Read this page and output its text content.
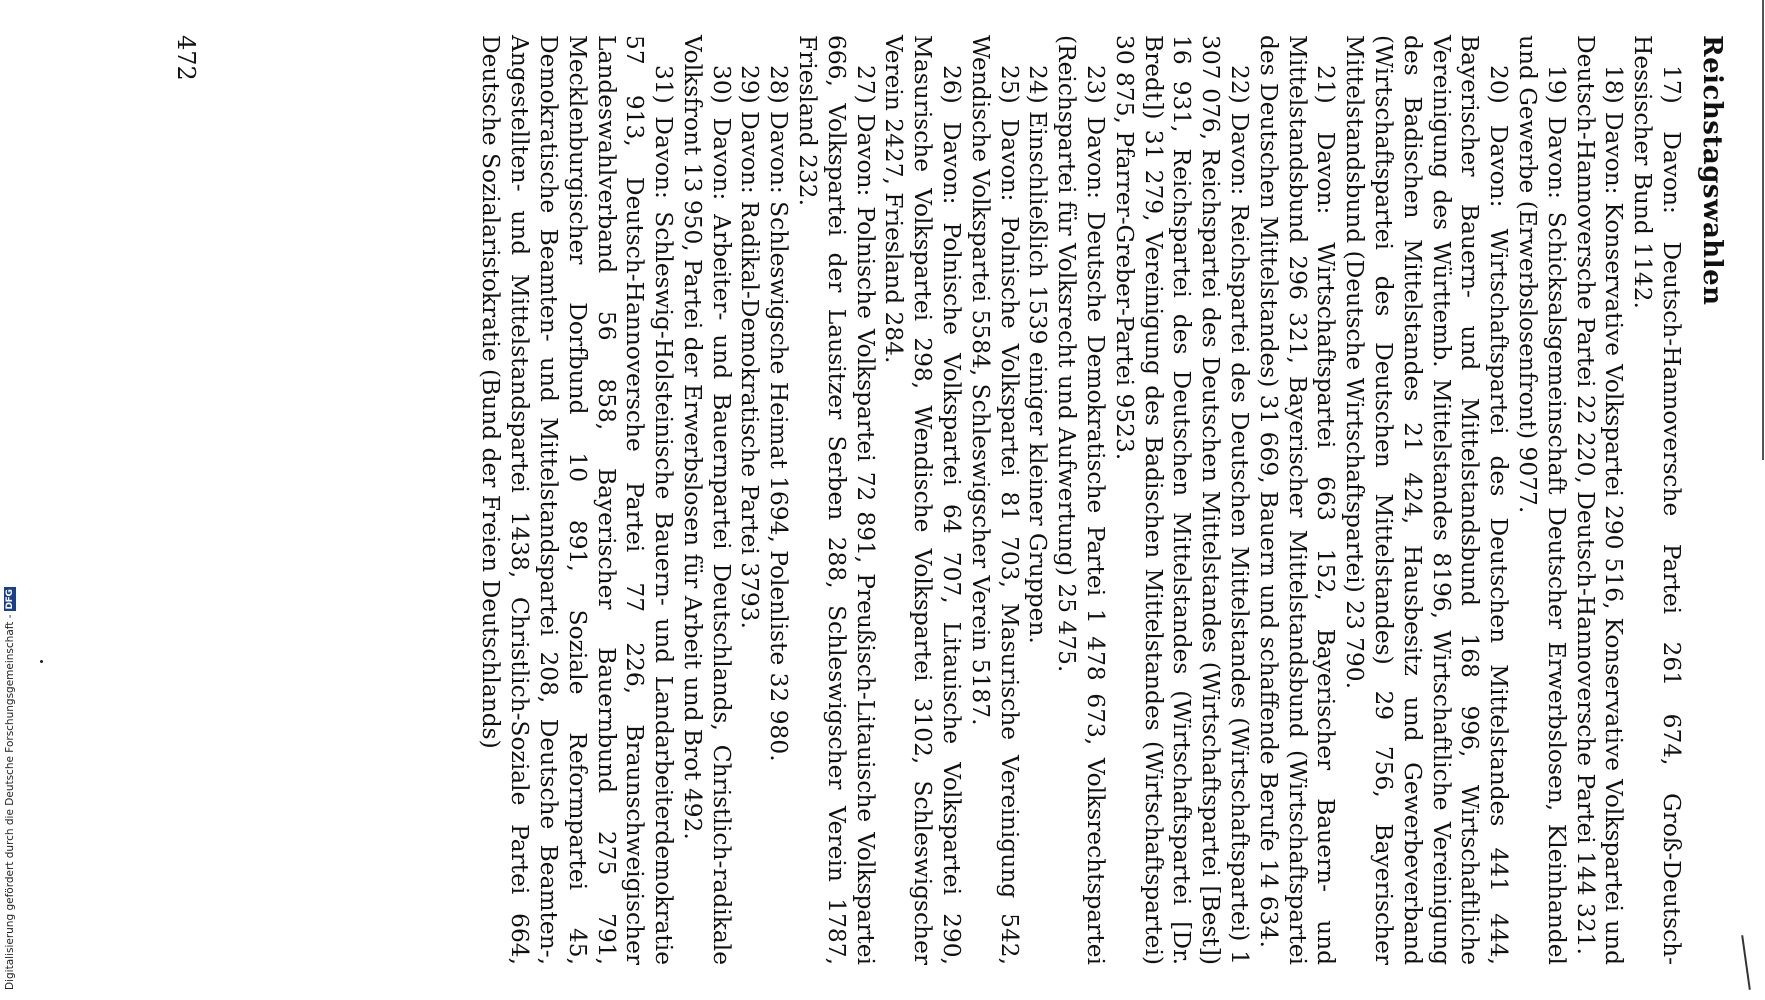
Reichstagswahlen

17) Davon: Deutsch-Hannoversche Partei 261 674, Groß-Deutsch-Hessischer Bund 1142.

18) Davon: Konservative Volkspartei 290 516, Konservative Volkspartei und Deutsch-Hannoversche Partei 22 220, Deutsch-Hannoversche Partei 144 321.

19) Davon: Schicksalsgemeinschaft Deutscher Erwerbslosen, Kleinhandel und Gewerbe (Erwerbslosenfront) 9077.

20) Davon: Wirtschaftspartei des Deutschen Mittelstandes 441 444, Bayerischer Bauern- und Mittelstandsbund 168 996, Wirtschaftliche Vereinigung des Württemb. Mittelstandes 8196, Wirtschaftliche Vereinigung des Badischen Mittelstandes 21 424, Hausbesitz und Gewerbeverband (Wirtschaftspartei des Deutschen Mittelstandes) 29 756, Bayerischer Mittelstandsbund (Deutsche Wirtschaftspartei) 23 790.

21) Davon: Wirtschaftspartei 663 152, Bayerischer Bauern- und Mittelstandsbund 296 321, Bayerischer Mittelstandsbund (Wirtschaftspartei des Deutschen Mittelstandes) 31 669, Bauern und schaffende Berufe 14 634.

22) Davon: Reichspartei des Deutschen Mittelstandes (Wirtschaftspartei) 1 307 076, Reichspartei des Deutschen Mittelstandes (Wirtschaftspartei [Best]) 16 931, Reichspartei des Deutschen Mittelstandes (Wirtschaftspartei [Dr. Bredt]) 31 279, Vereinigung des Badischen Mittelstandes (Wirtschaftspartei) 30 875, Pfarrer-Greber-Partei 9523.

23) Davon: Deutsche Demokratische Partei 1 478 673, Volksrechtspartei (Reichspartei für Volksrecht und Aufwertung) 25 475.

24) Einschließlich 1539 einiger kleiner Gruppen.

25) Davon: Polnische Volkspartei 81 703, Masurische Vereinigung 542, Wendische Volkspartei 5584, Schleswigscher Verein 5187.

26) Davon: Polnische Volkspartei 64 707, Litauische Volkspartei 290, Masurische Volkspartei 298, Wendische Volkspartei 3102, Schleswigscher Verein 2427, Friesland 284.

27) Davon: Polnische Volkspartei 72 891, Preußisch-Litauische Volkspartei 666, Volkspartei der Lausitzer Serben 288, Schleswigscher Verein 1787, Friesland 232.

28) Davon: Schleswigsche Heimat 1694, Polenliste 32 980.

29) Davon: Radikal-Demokratische Partei 3793.

30) Davon: Arbeiter- und Bauernpartei Deutschlands, Christlich-radikale Volksfront 13 950, Partei der Erwerbslosen für Arbeit und Brot 492.

31) Davon: Schleswig-Holsteinische Bauern- und Landarbeiterdemokratie 57 913, Deutsch-Hannoversche Partei 77 226, Braunschweigischer Landeswahlverband 56 858, Bayerischer Bauernbund 275 791, Mecklenburgischer Dorfbund 10 891, Soziale Reformpartei 45, Demokratische Beamten- und Mittelstandspartei 208, Deutsche Beamten-, Angestellten- und Mittelstandspartei 1438, Christlich-Soziale Partei 664, Deutsche Sozialaristokratie (Bund der Freien Deutschlands)

472
Digitalisierung gefördert durch die Deutsche Forschungsgemeinschaft -
DFG
